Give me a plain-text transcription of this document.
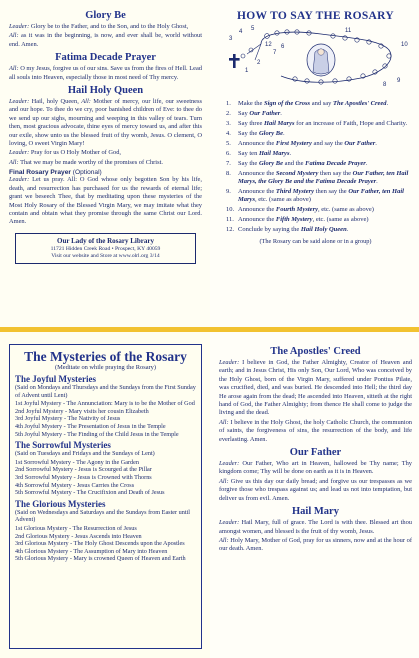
Glory Be

Leader: Glory be to the Father, and to the Son, and to the Holy Ghost,

All: as it was in the beginning, is now, and ever shall be, world without end. Amen.

Fatima Decade Prayer

All: O my Jesus, forgive us of our sins. Save us from the fires of Hell. Lead all souls into Heaven, especially those in most need of Thy mercy.

Hail Holy Queen

Leader: Hail, holy Queen, All: Mother of mercy, our life, our sweetness and our hope. To thee do we cry, poor banished children of Eve: to thee do we send up our sighs, mourning and weeping in this valley of tears. Turn then, most gracious advocate, thine eyes of mercy toward us, and after this our exile, show unto us the blessed fruit of thy womb, Jesus. O clement, O loving, O sweet Virgin Mary!

Leader: Pray for us O Holy Mother of God,

All: That we may be made worthy of the promises of Christ.

Final Rosary Prayer (Optional)

Leader: Let us pray. All: O God whose only begotten Son by his life, death, and resurrection has purchased for us the rewards of eternal life; grant we beseech Thee, that by meditating upon these mysteries of the Most Holy Rosary of the Blessed Virgin Mary, we may imitate what they contain and obtain what they promise through the same Christ our Lord. Amen.

Our Lady of the Rosary Library
11721 Hidden Creek Road • Prospect, KY 40059
Visit our website and Store at www.olrl.org 3/14
HOW TO SAY THE ROSARY
1
2
3
4 5
6
7
8
9
10
11
12
1.	Make the Sign of the Cross and say The Apostles' Creed.
2.	Say Our Father.
3.	Say three Hail Marys for an increase of Faith, Hope and Charity.
4.	Say the Glory Be.
5.	Announce the First Mystery and say the Our Father.
6.	Say ten Hail Marys.
7.	Say the Glory Be and the Fatima Decade Prayer.
8.	Announce the Second Mystery then say the Our Father, ten Hail Marys, the Glory Be and the Fatima Decade Prayer.
9.	Announce the Third Mystery then say the Our Father, ten Hail Marys, etc. (same as above)
10. Announce the Fourth Mystery, etc. (same as above)
11. Announce the Fifth Mystery, etc. (same as above)
12. Conclude by saying the Hail Holy Queen.
(The Rosary can be said alone or in a group)
The Mysteries of the Rosary
(Meditate on while praying the Rosary)
The Joyful Mysteries
(Said on Mondays and Thursdays and the Sundays from the First Sunday of Advent until Lent)
1st Joyful Mystery - The Annunciation: Mary is to be the Mother of God
2nd Joyful Mystery - Mary visits her cousin Elizabeth
3rd Joyful Mystery - The Nativity of Jesus
4th Joyful Mystery - The Presentation of Jesus in the Temple
5th Joyful Mystery - The Finding of the Child Jesus in the Temple
The Sorrowful Mysteries
(Said on Tuesdays and Fridays and the Sundays of Lent)
1st Sorrowful Mystery - The Agony in the Garden
2nd Sorrowful Mystery - Jesus is Scourged at the Pillar
3rd Sorrowful Mystery - Jesus is Crowned with Thorns
4th Sorrowful Mystery - Jesus Carries the Cross
5th Sorrowful Mystery - The Crucifixion and Death of Jesus
The Glorious Mysteries
(Said on Wednesdays and Saturdays and the Sundays from Easter until Advent)
1st Glorious Mystery - The Resurrection of Jesus
2nd Glorious Mystery - Jesus Ascends into Heaven
3rd Glorious Mystery - The Holy Ghost Descends upon the Apostles
4th Glorious Mystery - The Assumption of Mary into Heaven
5th Glorious Mystery - Mary is crowned Queen of Heaven and Earth
The Apostles' Creed

Leader: I believe in God, the Father Almighty, Creator of Heaven and earth; and in Jesus Christ, His only Son, Our Lord, Who was conceived by the Holy Ghost, born of the Virgin Mary, suffered under Pontius Pilate, was crucified, died, and was buried. He descended into Hell; the third day He arose again from the dead; He ascended into Heaven, sitteth at the right hand of God, the Father Almighty; from thence He shall come to judge the living and the dead.

All: I believe in the Holy Ghost, the holy Catholic Church, the communion of saints, the forgiveness of sins, the resurrection of the body, and life everlasting. Amen.

Our Father

Leader: Our Father, Who art in Heaven, hallowed be Thy name; Thy kingdom come; Thy will be done on earth as it is in Heaven.

All: Give us this day our daily bread; and forgive us our trespasses as we forgive those who trespass against us; and lead us not into temptation, but deliver us from evil. Amen.

Hail Mary

Leader: Hail Mary, full of grace. The Lord is with thee. Blessed art thou amongst women, and blessed is the fruit of thy womb, Jesus.

All: Holy Mary, Mother of God, pray for us sinners, now and at the hour of our death. Amen.
